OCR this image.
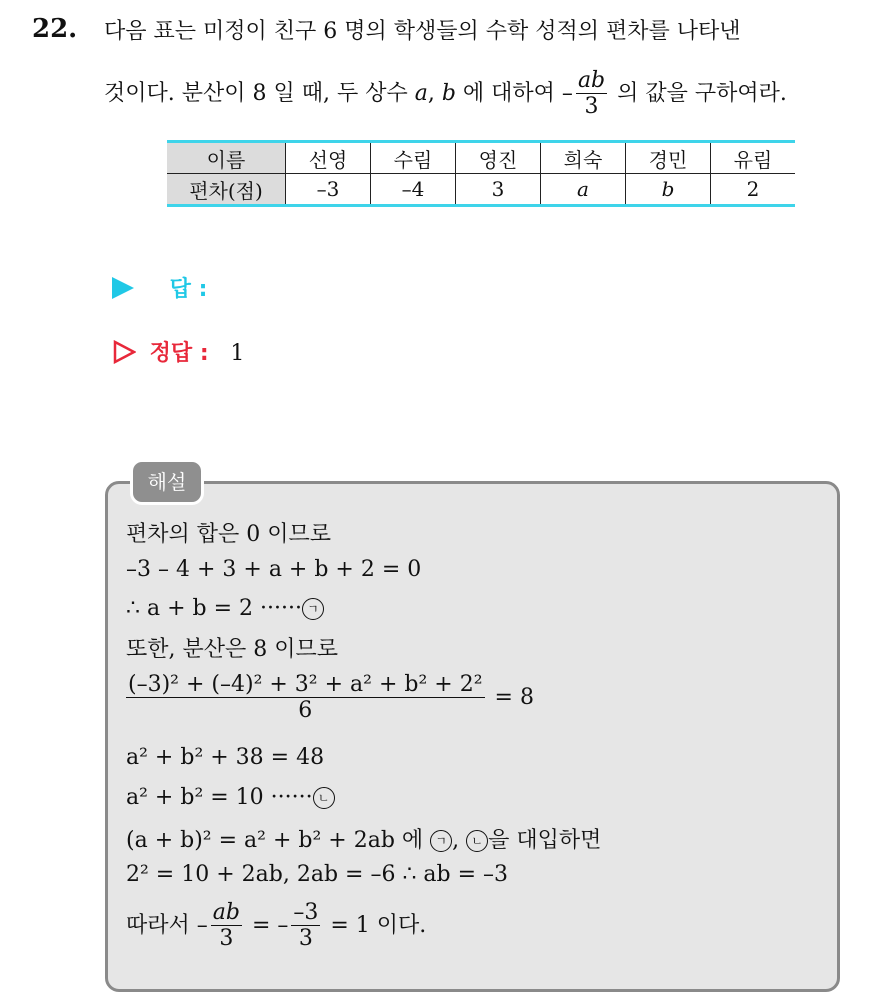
22. 다음 표는 미정이 친구 6 명의 학생들의 수학 성적의 편차를 나타낸
것이다. 분산이 8 일 때, 두 상수 a, b 에 대하여 – $\frac{ab}{3}$ 의 값을 구하여라.
이름	선영	수림	영진	희숙	경민	유림
편차(점)	–3	–4	3	a	b	2
답 :
정답 : 1
해설
편차의 합은 0 이므로
–3 – 4 + 3 + a + b + 2 = 0
∴ a + b = 2 ······ ㄱ
또한, 분산은 8 이므로
$\frac{\text{(–3)² + (–4)² + 3² + a² + b² + 2²}}{6} = 8$
a² + b² + 38 = 48
a² + b² = 10 ······ ㄴ
(a + b)² = a² + b² + 2ab 에 ㄱ , ㄴ 을 대입하면
2² = 10 + 2ab, 2ab = –6 ∴ ab = –3
따라서 – $\frac{ab}{3}$ = – $\frac{-3}{3} = 1$ 이다.
